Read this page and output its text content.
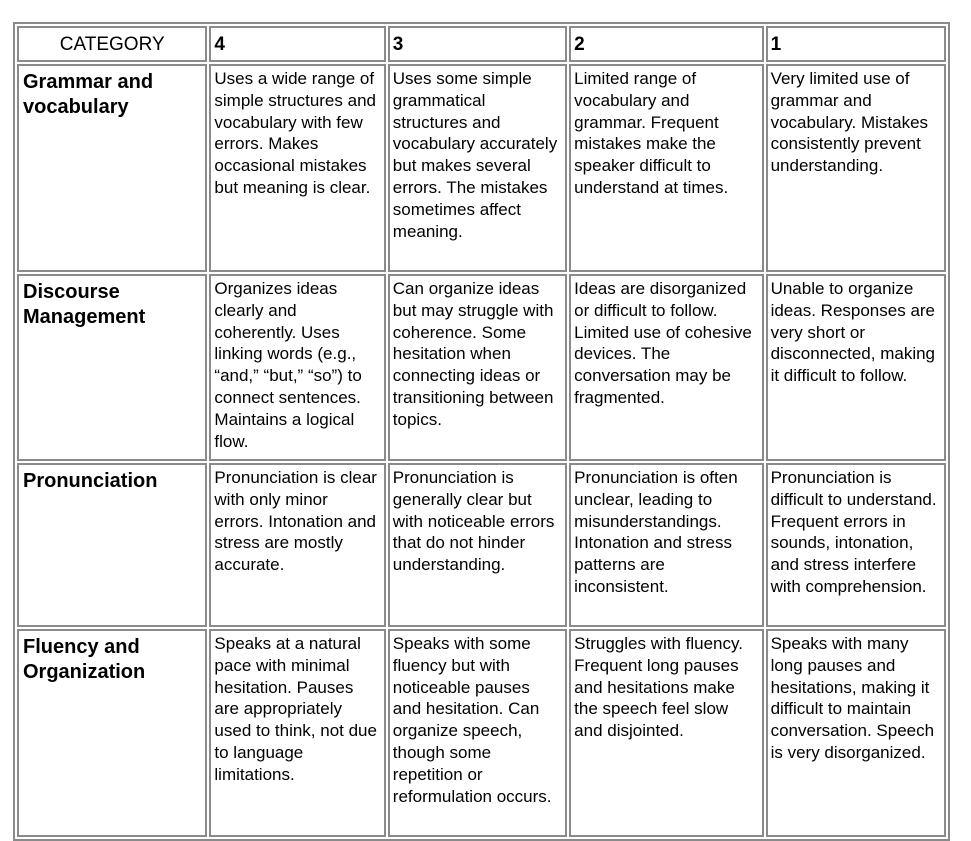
CATEGORY	4	3	2	1
Grammar and vocabulary	Uses a wide range of simple structures and vocabulary with few errors. Makes occasional mistakes but meaning is clear.	Uses some simple grammatical structures and vocabulary accurately but makes several errors. The mistakes sometimes affect meaning.	Limited range of vocabulary and grammar. Frequent mistakes make the speaker difficult to understand at times.	Very limited use of grammar and vocabulary. Mistakes consistently prevent understanding.
Discourse Management	Organizes ideas clearly and coherently. Uses linking words (e.g., “and,” “but,” “so”) to connect sentences. Maintains a logical flow.	Can organize ideas but may struggle with coherence. Some hesitation when connecting ideas or transitioning between topics.	Ideas are disorganized or difficult to follow. Limited use of cohesive devices. The conversation may be fragmented.	Unable to organize ideas. Responses are very short or disconnected, making it difficult to follow.
Pronunciation	Pronunciation is clear with only minor errors. Intonation and stress are mostly accurate.	Pronunciation is generally clear but with noticeable errors that do not hinder understanding.	Pronunciation is often unclear, leading to misunderstandings. Intonation and stress patterns are inconsistent.	Pronunciation is difficult to understand. Frequent errors in sounds, intonation, and stress interfere with comprehension.
Fluency and Organization	Speaks at a natural pace with minimal hesitation. Pauses are appropriately used to think, not due to language limitations.	Speaks with some fluency but with noticeable pauses and hesitation. Can organize speech, though some repetition or reformulation occurs.	Struggles with fluency. Frequent long pauses and hesitations make the speech feel slow and disjointed.	Speaks with many long pauses and hesitations, making it difficult to maintain conversation. Speech is very disorganized.
